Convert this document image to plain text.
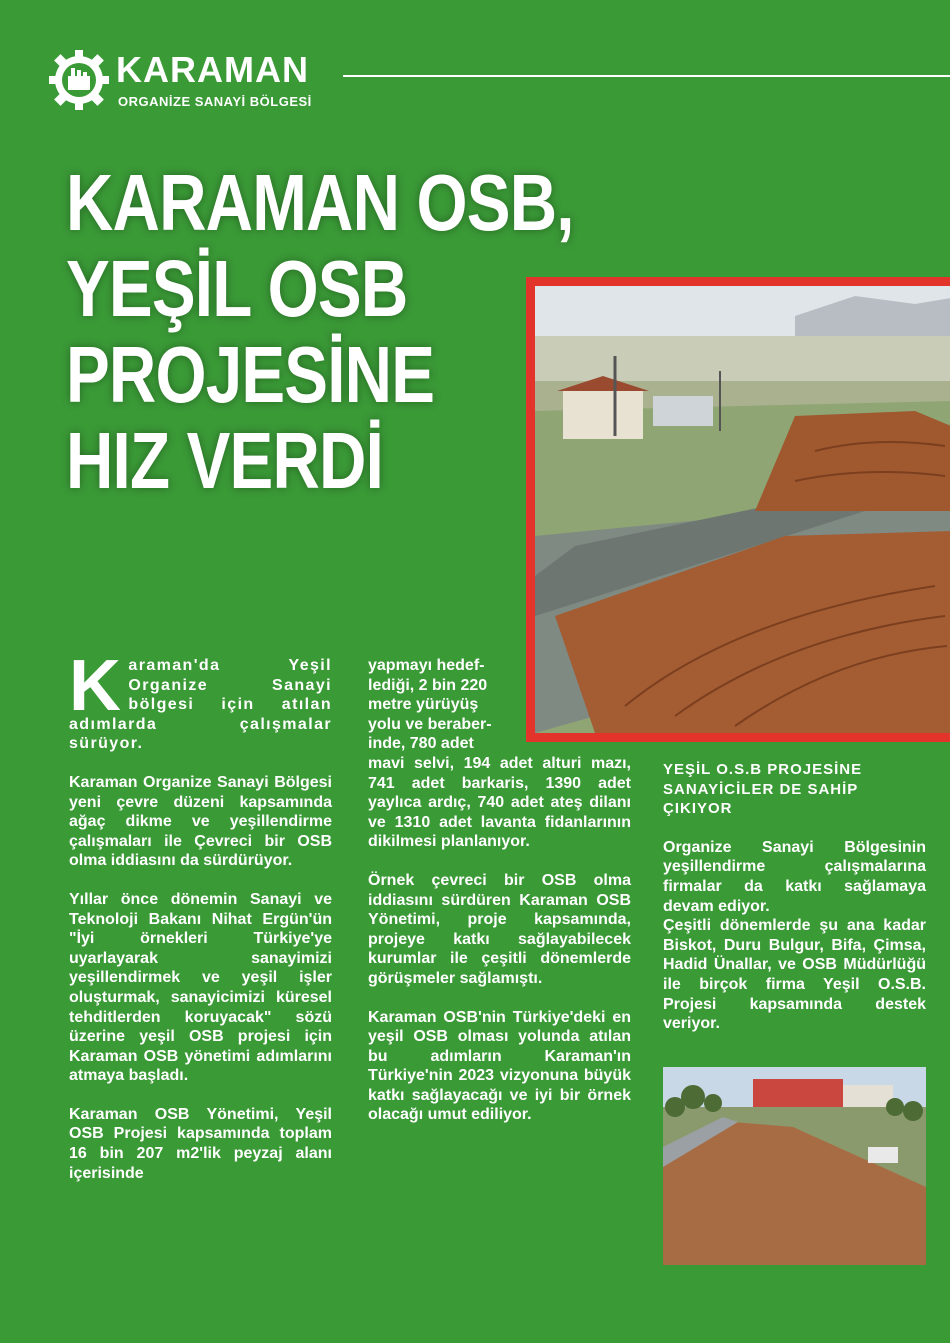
1996
KARAMAN
ORGANİZE SANAYİ BÖLGESİ
KARAMAN OSB,
YEŞİL OSB
PROJESİNE
HIZ VERDİ

Karaman'da Yeşil Organize Sanayi bölgesi için atılan adımlarda çalışmalar sürüyor.

Karaman Organize Sanayi Bölgesi yeni çevre düzeni kapsamında ağaç dikme ve yeşillendirme çalışmaları ile Çevreci bir OSB olma iddiasını da sürdürüyor.

Yıllar önce dönemin Sanayi ve Teknoloji Bakanı Nihat Ergün'ün "İyi örnekleri Türkiye'ye uyarlayarak sanayimizi yeşillendirmek ve yeşil işler oluşturmak, sanayicimizi küresel tehditlerden koruyacak" sözü üzerine yeşil OSB projesi için Karaman OSB yönetimi adımlarını atmaya başladı.

Karaman OSB Yönetimi, Yeşil OSB Projesi kapsamında toplam 16 bin 207 m2'lik peyzaj alanı içerisinde

yapmayı hedef-lediği, 2 bin 220 metre yürüyüş yolu ve beraber-inde, 780 adet
mavi selvi, 194 adet alturi mazı, 741 adet barkaris, 1390 adet yaylıca ardıç, 740 adet ateş dilanı ve 1310 adet lavanta fidanlarının dikilmesi planlanıyor.

Örnek çevreci bir OSB olma iddiasını sürdüren Karaman OSB Yönetimi, proje kapsamında, projeye katkı sağlayabilecek kurumlar ile çeşitli dönemlerde görüşmeler sağlamıştı.

Karaman OSB'nin Türkiye'deki en yeşil OSB olması yolunda atılan bu adımların Karaman'ın Türkiye'nin 2023 vizyonuna büyük katkı sağlayacağı ve iyi bir örnek olacağı umut ediliyor.

YEŞİL O.S.B PROJESİNE SANAYİCİLER DE SAHİP ÇIKIYOR

Organize Sanayi Bölgesinin yeşillendirme çalışmalarına firmalar da katkı sağlamaya devam ediyor.

Çeşitli dönemlerde şu ana kadar Biskot, Duru Bulgur, Bifa, Çimsa, Hadid Ünallar, ve OSB Müdürlüğü ile birçok firma Yeşil O.S.B. Projesi kapsamında destek veriyor.
